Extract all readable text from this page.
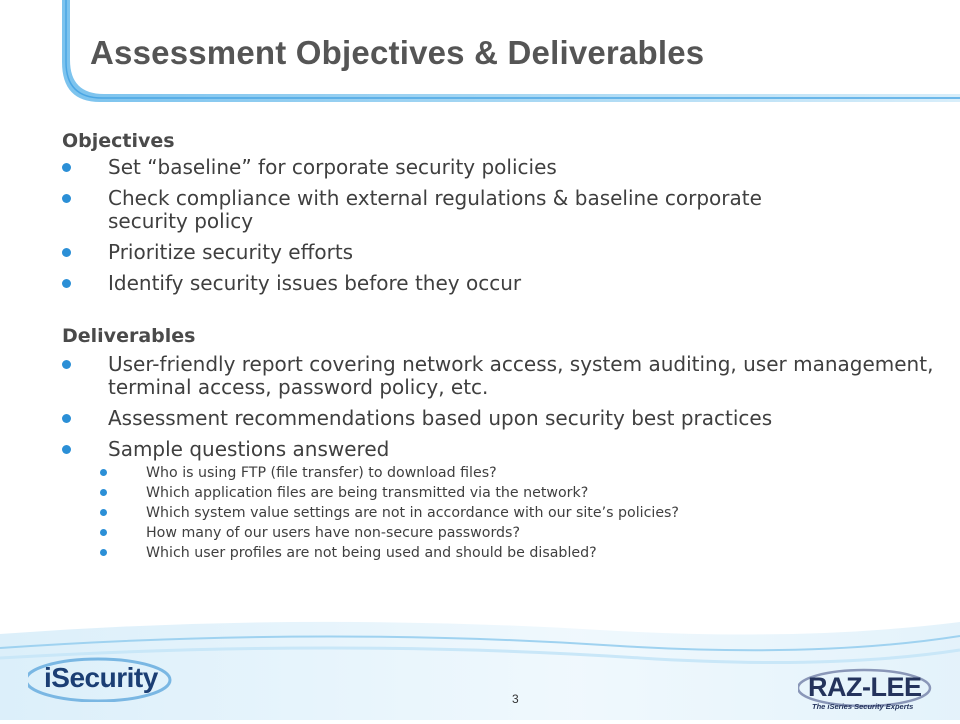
Assessment Objectives & Deliverables

Objectives

Set “baseline” for corporate security policies
Check compliance with external regulations & baseline corporate security policy
Prioritize security efforts
Identify security issues before they occur

Deliverables

User-friendly report covering network access, system auditing, user management, terminal access, password policy, etc.
Assessment recommendations based upon security best practices
Sample questions answered
Who is using FTP (file transfer) to download files?
Which application files are being transmitted via the network?
Which system value settings are not in accordance with our site’s policies?
How many of our users have non-secure passwords?
Which user profiles are not being used and should be disabled?
iSecurity
3	RAZ-LEE
The iSeries Security Experts
